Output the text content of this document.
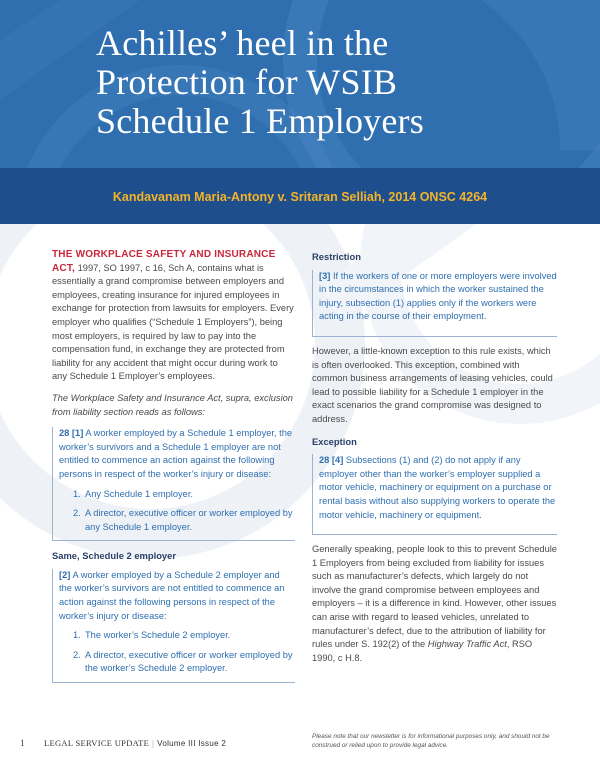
Achilles’ heel in the
Protection for WSIB
Schedule 1 Employers
Kandavanam Maria-Antony v. Sritaran Selliah, 2014 ONSC 4264

THE WORKPLACE SAFETY AND INSURANCE ACT, 1997, SO 1997, c 16, Sch A, contains what is essentially a grand compromise between employers and employees, creating insurance for injured employees in exchange for protection from lawsuits for employers. Every employer who qualifies (“Schedule 1 Employers”), being most employers, is required by law to pay into the compensation fund, in exchange they are protected from liability for any accident that might occur during work to any Schedule 1 Employer’s employees.

The Workplace Safety and Insurance Act, supra, exclusion from liability section reads as follows:

28 [1] A worker employed by a Schedule 1 employer, the worker’s survivors and a Schedule 1 employer are not entitled to commence an action against the following persons in respect of the worker’s injury or disease:

1. Any Schedule 1 employer.
2. A director, executive officer or worker employed by any Schedule 1 employer.
Same, Schedule 2 employer

[2] A worker employed by a Schedule 2 employer and the worker’s survivors are not entitled to commence an action against the following persons in respect of the worker’s injury or disease:

1. The worker’s Schedule 2 employer.
2. A director, executive officer or worker employed by the worker’s Schedule 2 employer.
Restriction

[3] If the workers of one or more employers were involved in the circumstances in which the worker sustained the injury, subsection (1) applies only if the workers were acting in the course of their employment.

However, a little-known exception to this rule exists, which is often overlooked. This exception, combined with common business arrangements of leasing vehicles, could lead to possible liability for a Schedule 1 employer in the exact scenarios the grand compromise was designed to address.

Exception

28 [4] Subsections (1) and (2) do not apply if any employer other than the worker’s employer supplied a motor vehicle, machinery or equipment on a purchase or rental basis without also supplying workers to operate the motor vehicle, machinery or equipment.

Generally speaking, people look to this to prevent Schedule 1 Employers from being excluded from liability for issues such as manufacturer’s defects, which largely do not involve the grand compromise between employees and employers – it is a difference in kind. However, other issues can arise with regard to leased vehicles, unrelated to manufacturer’s defect, due to the attribution of liability for rules under S. 192(2) of the Highway Traffic Act, RSO 1990, c H.8.

1 LEGAL SERVICE UPDATE | Volume III Issue 2
Please note that our newsletter is for informational purposes only, and should not be construed or relied upon to provide legal advice.
